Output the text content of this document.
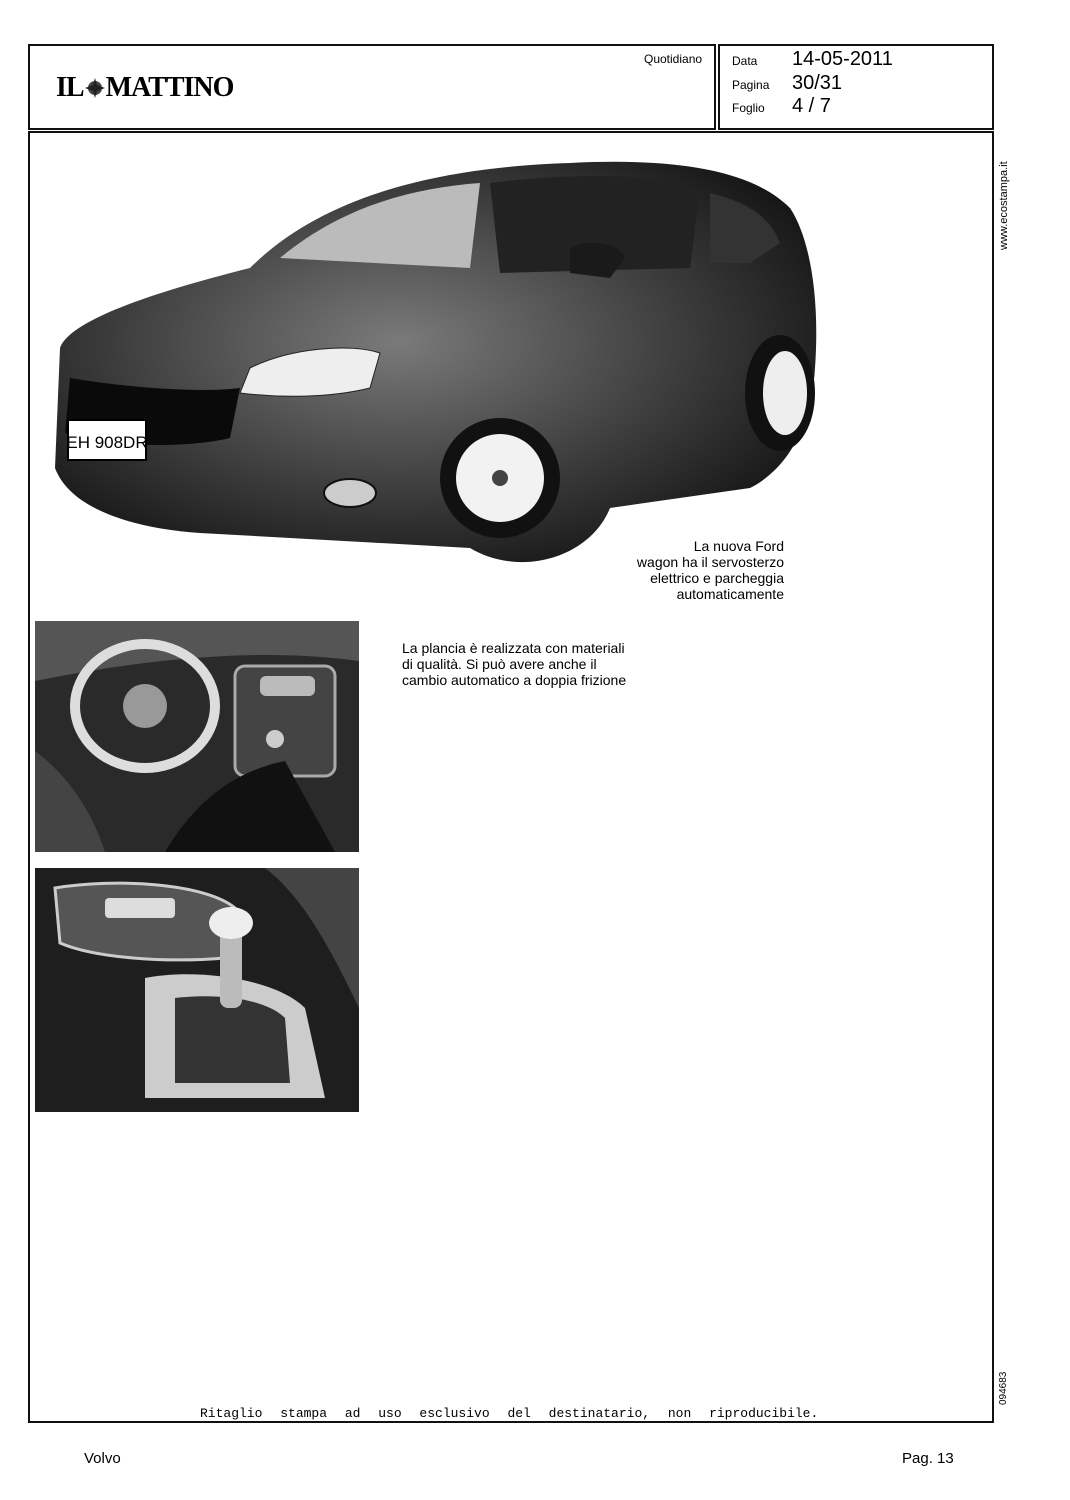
IL MATTINO
Quotidiano Data 14-05-2011
Pagina 30/31
Foglio 4 / 7
www.ecostampa.it
094683
EH 908DR
La nuova Ford
wagon ha il servosterzo
elettrico e parcheggia
automaticamente
La plancia è realizzata con materiali
di qualità. Si può avere anche il
cambio automatico a doppia frizione
Ritaglio stampa ad uso esclusivo del destinatario, non riproducibile.
Volvo	Pag. 13
